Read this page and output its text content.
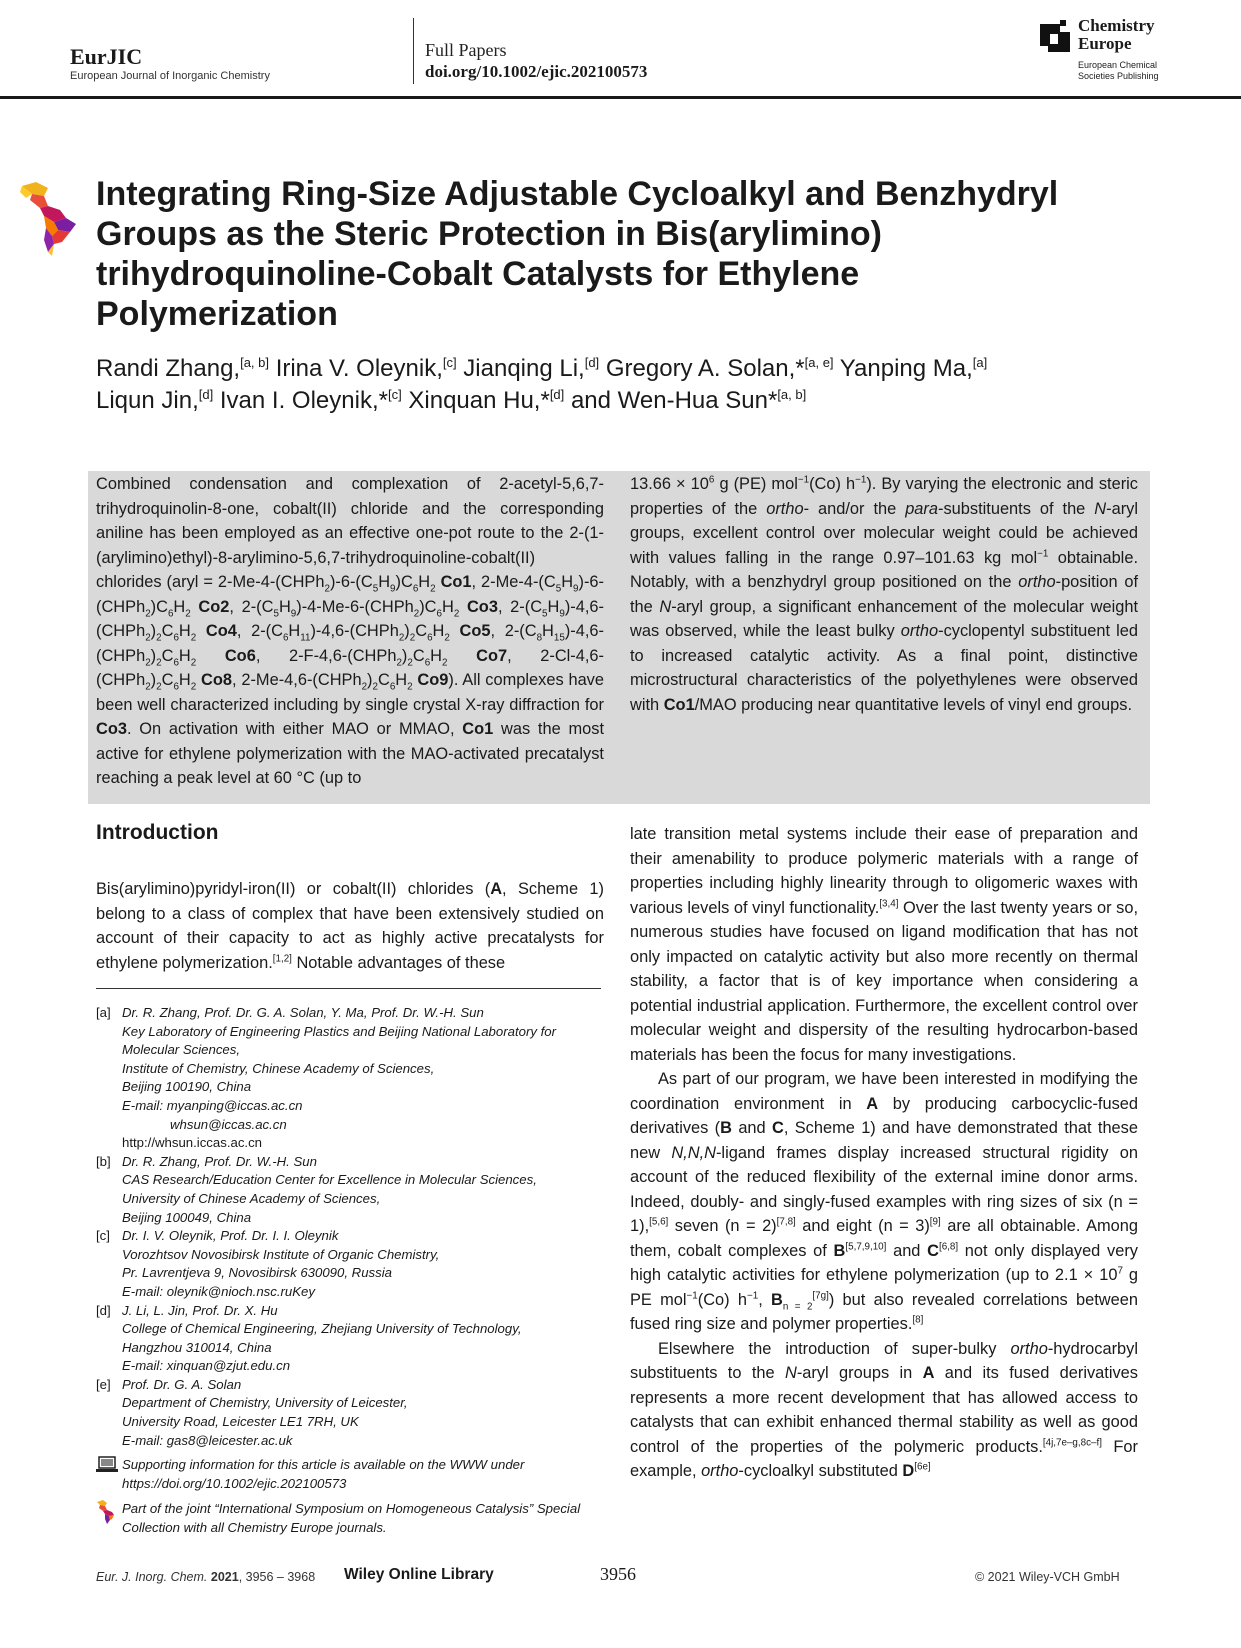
EurJIC
European Journal of Inorganic Chemistry
Full Papers
doi.org/10.1002/ejic.202100573
Chemistry
Europe
European Chemical
Societies Publishing
Integrating Ring-Size Adjustable Cycloalkyl and Benzhydryl
Groups as the Steric Protection in Bis(arylimino)
trihydroquinoline-Cobalt Catalysts for Ethylene
Polymerization
Randi Zhang,[a, b] Irina V. Oleynik,[c] Jianqing Li,[d] Gregory A. Solan,*[a, e] Yanping Ma,[a]
Liqun Jin,[d] Ivan I. Oleynik,*[c] Xinquan Hu,*[d] and Wen-Hua Sun*[a, b]
Combined condensation and complexation of 2-acetyl-5,6,7-trihydroquinolin-8-one, cobalt(II) chloride and the corresponding aniline has been employed as an effective one-pot route to the 2-(1-(arylimino)ethyl)-8-arylimino-5,6,7-trihydroquinoline-cobalt(II) chlorides (aryl = $2-Me-4-(CHPh_2)-6-(C_5H_9)C_6H_2$ Co1, $2-Me-4-(C_5H_9)-6-(CHPh_2)C_6H_2$ Co2, $2-(C_5H_9)-4-Me-6-(CHPh_2)C_6H_2$ Co3, $2-(C_5H_9)-4,6-(CHPh_2)_2C_6H_2$ Co4, $2-(C_6H_{11})-4,6-(CHPh_2)_2C_6H_2$ Co5, $2-(C_8H_{15})-4,6-(CHPh_2)_2C_6H_2$ Co6, $2-F-4,6-(CHPh_2)_2C_6H_2$ Co7, $2-Cl-4,6-(CHPh_2)_2C_6H_2$ Co8, $2-Me-4,6-(CHPh_2)_2C_6H_2$ Co9). All complexes have been well characterized including by single crystal X-ray diffraction for Co3. On activation with either MAO or MMAO, Co1 was the most active for ethylene polymerization with the MAO-activated precatalyst reaching a peak level at 60 °C (up to
$13.66 \times 10^6$ g (PE) mol$^{-1}$(Co) $h^{-1}$). By varying the electronic and steric properties of the ortho- and/or the para-substituents of the N-aryl groups, excellent control over molecular weight could be achieved with values falling in the range 0.97–101.63 kg mol$^{-1}$ obtainable. Notably, with a benzhydryl group positioned on the ortho-position of the N-aryl group, a significant enhancement of the molecular weight was observed, while the least bulky ortho-cyclopentyl substituent led to increased catalytic activity. As a final point, distinctive microstructural characteristics of the polyethylenes were observed with Co1/MAO producing near quantitative levels of vinyl end groups.
Introduction

Bis(arylimino)pyridyl-iron(II) or cobalt(II) chlorides (A, Scheme 1) belong to a class of complex that have been extensively studied on account of their capacity to act as highly active precatalysts for ethylene polymerization.[1,2] Notable advantages of these

late transition metal systems include their ease of preparation and their amenability to produce polymeric materials with a range of properties including highly linearity through to oligomeric waxes with various levels of vinyl functionality.[3,4] Over the last twenty years or so, numerous studies have focused on ligand modification that has not only impacted on catalytic activity but also more recently on thermal stability, a factor that is of key importance when considering a potential industrial application. Furthermore, the excellent control over molecular weight and dispersity of the resulting hydrocarbon-based materials has been the focus for many investigations.

As part of our program, we have been interested in modifying the coordination environment in A by producing carbocyclic-fused derivatives (B and C, Scheme 1) and have demonstrated that these new N,N,N-ligand frames display increased structural rigidity on account of the reduced flexibility of the external imine donor arms. Indeed, doubly- and singly-fused examples with ring sizes of six (n = 1),[5,6] seven (n = 2)[7,8] and eight (n = 3)[9] are all obtainable. Among them, cobalt complexes of B[5,7,9,10] and C[6,8] not only displayed very high catalytic activities for ethylene polymerization (up to $2.1 \times 10^7$ g PE mol$^{-1}$(Co) $h^{-1}$, $B_{n = 2}[7g]$) but also revealed correlations between fused ring size and polymer properties.[8]

Elsewhere the introduction of super-bulky ortho-hydrocarbyl substituents to the N-aryl groups in A and its fused derivatives represents a more recent development that has allowed access to catalysts that can exhibit enhanced thermal stability as well as good control of the properties of the polymeric products.[4j,7e–g,8c–f] For example, ortho-cycloalkyl substituted D[6e]

[a] Dr. R. Zhang, Prof. Dr. G. A. Solan, Y. Ma, Prof. Dr. W.-H. Sun
Key Laboratory of Engineering Plastics and Beijing National Laboratory for
Molecular Sciences,
Institute of Chemistry, Chinese Academy of Sciences,
Beijing 100190, China
E-mail: myanping@iccas.ac.cn
whsun@iccas.ac.cn
http://whsun.iccas.ac.cn
[b] Dr. R. Zhang, Prof. Dr. W.-H. Sun
CAS Research/Education Center for Excellence in Molecular Sciences,
University of Chinese Academy of Sciences,
Beijing 100049, China
[c] Dr. I. V. Oleynik, Prof. Dr. I. I. Oleynik
Vorozhtsov Novosibirsk Institute of Organic Chemistry,
Pr. Lavrentjeva 9, Novosibirsk 630090, Russia
E-mail: oleynik@nioch.nsc.ruKey
[d] J. Li, L. Jin, Prof. Dr. X. Hu
College of Chemical Engineering, Zhejiang University of Technology,
Hangzhou 310014, China
E-mail: xinquan@zjut.edu.cn
[e] Prof. Dr. G. A. Solan
Department of Chemistry, University of Leicester,
University Road, Leicester LE1 7RH, UK
E-mail: gas8@leicester.ac.uk
Supporting information for this article is available on the WWW under https://doi.org/10.1002/ejic.202100573
Part of the joint “International Symposium on Homogeneous Catalysis” Special Collection with all Chemistry Europe journals.
Eur. J. Inorg. Chem. 2021, 3956 – 3968 Wiley Online Library	3956	© 2021 Wiley-VCH GmbH
